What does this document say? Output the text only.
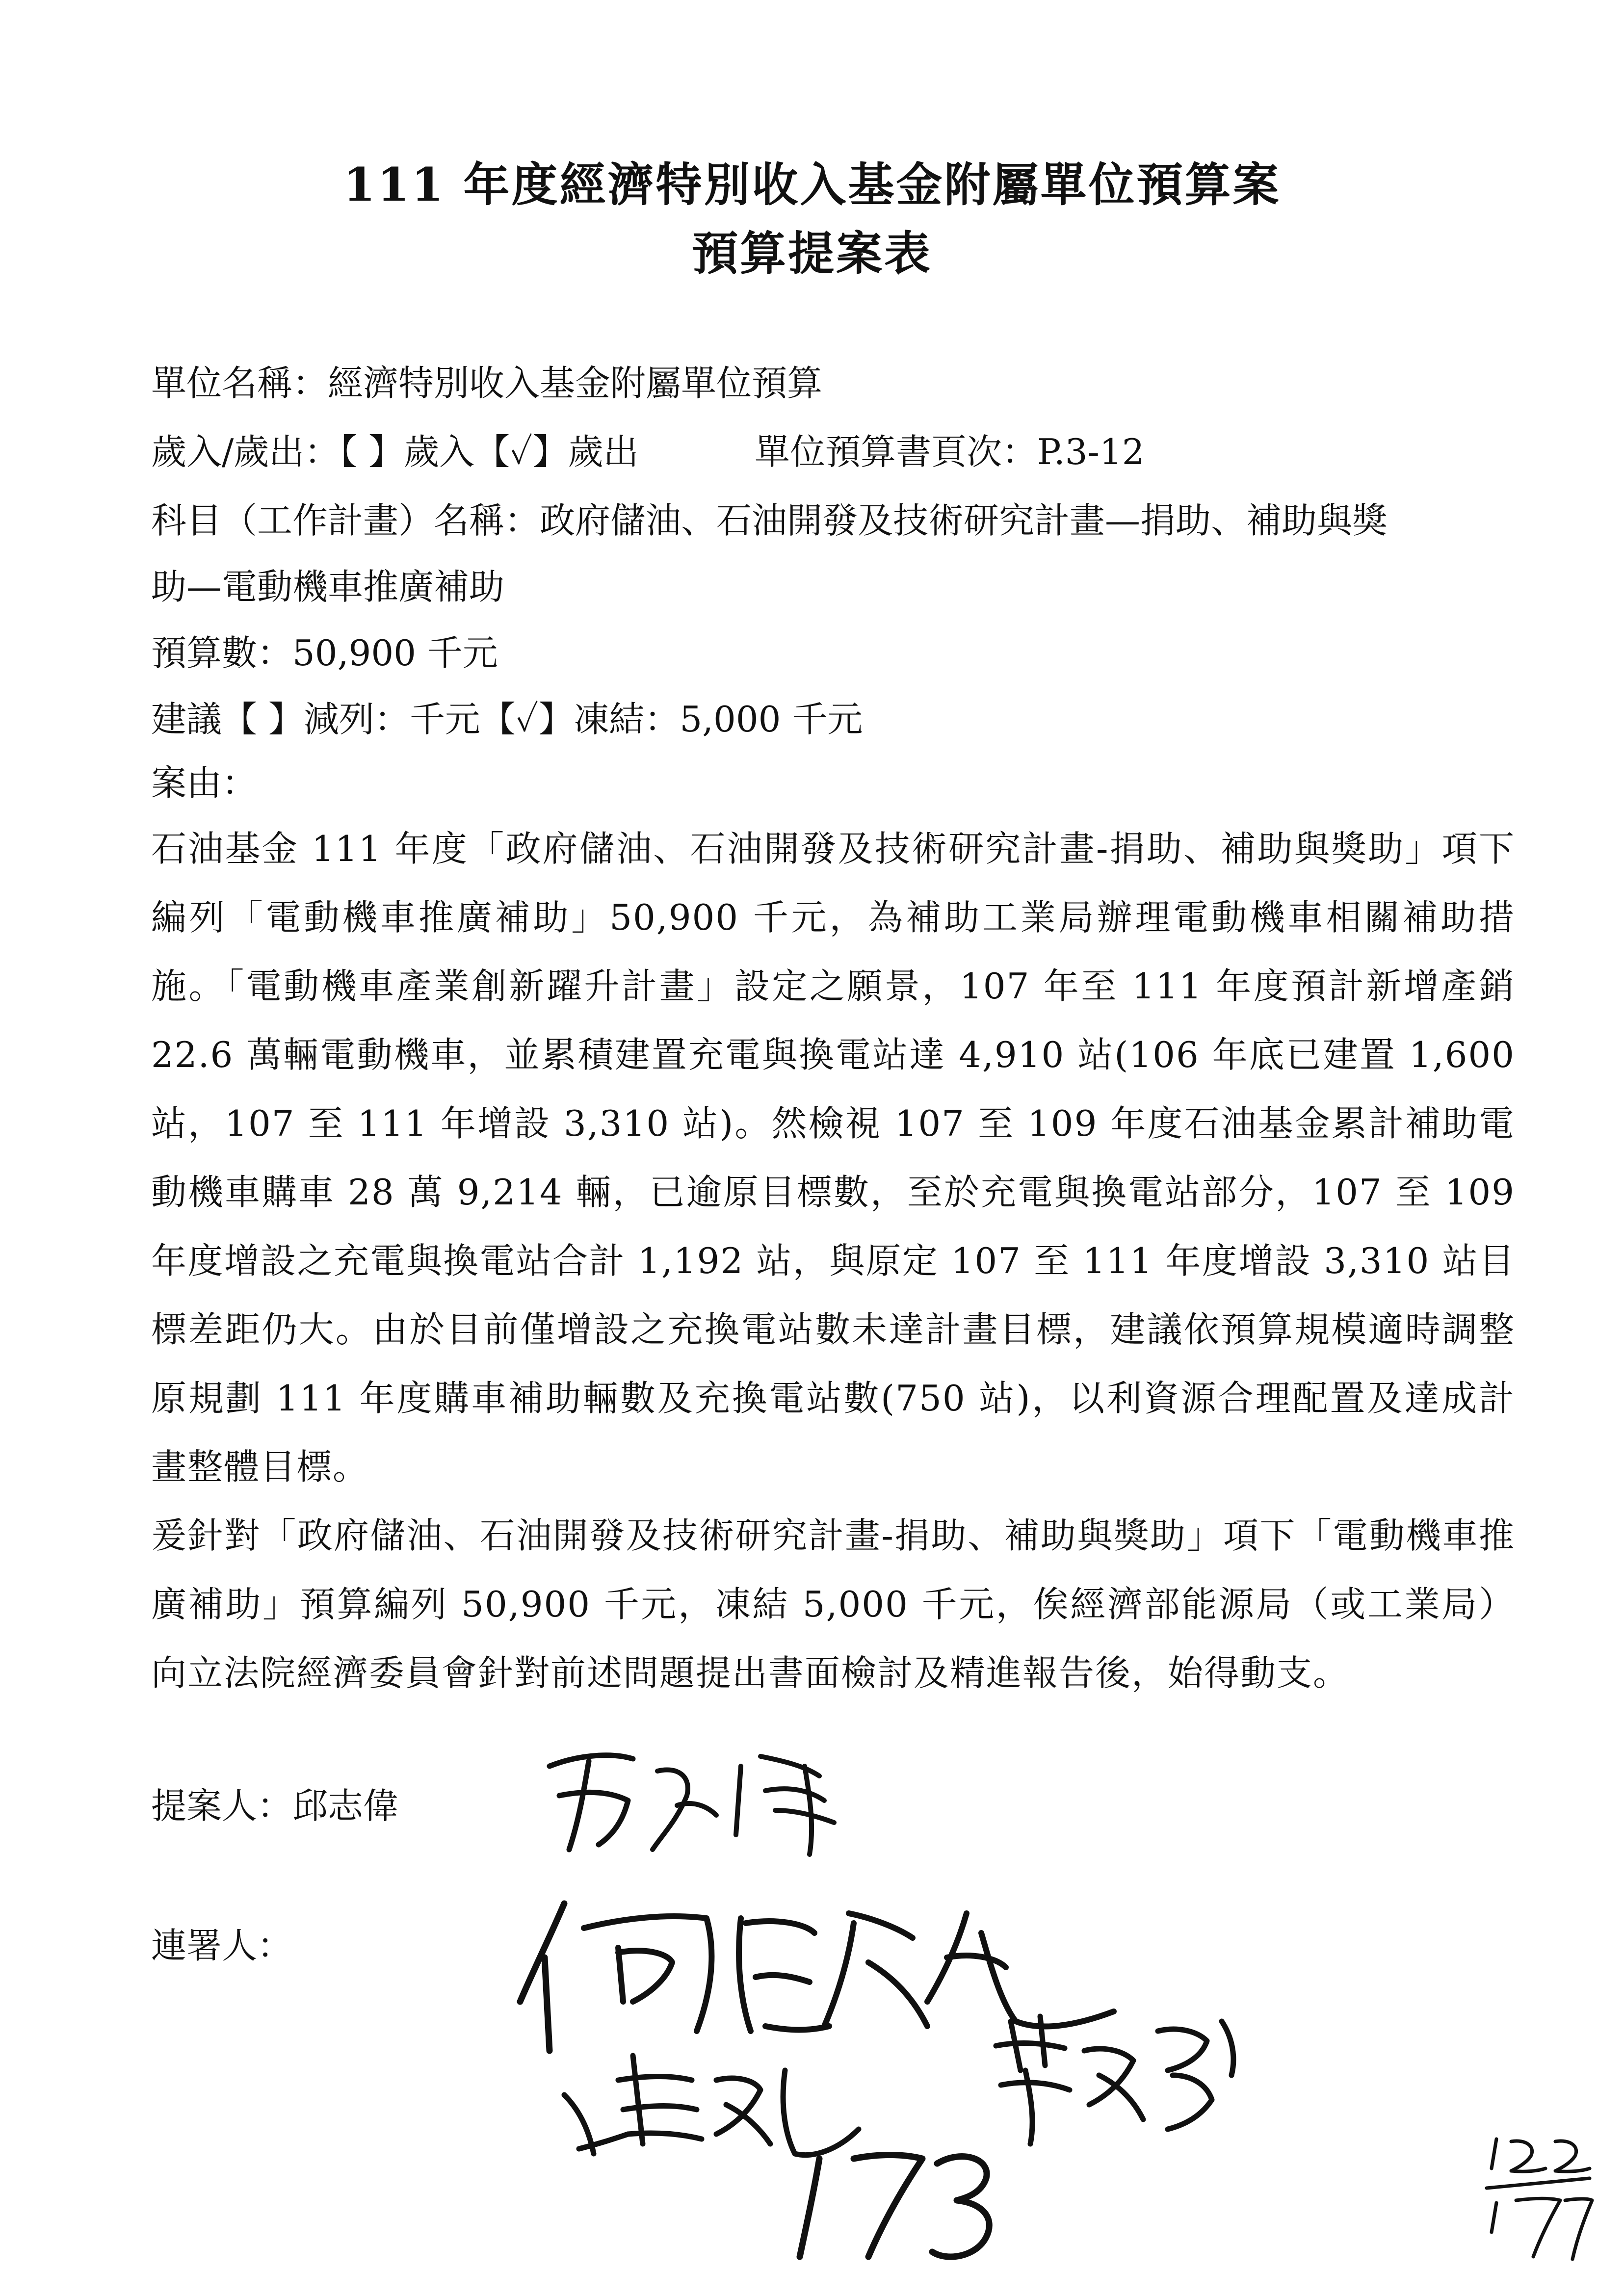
111 年度經濟特別收入基金附屬單位預算案
預算提案表
單位名稱：經濟特別收入基金附屬單位預算
歲入/歲出：【 】歲入【✓】歲出	單位預算書頁次：P.3-12
科目（工作計畫）名稱：政府儲油、石油開發及技術研究計畫—捐助、補助與獎
助—電動機車推廣補助
預算數：50,900 千元
建議【 】減列：千元【✓】凍結：5,000 千元
案由：
石油基金 111 年度「政府儲油、石油開發及技術研究計畫-捐助、補助與獎助」項下編列「電動機車推廣補助」50,900 千元，為補助工業局辦理電動機車相關補助措施。「電動機車產業創新躍升計畫」設定之願景，107 年至 111 年度預計新增產銷 22.6 萬輛電動機車，並累積建置充電與換電站達 4,910 站(106 年底已建置 1,600 站，107 至 111 年增設 3,310 站)。然檢視 107 至 109 年度石油基金累計補助電動機車購車 28 萬 9,214 輛，已逾原目標數，至於充電與換電站部分，107 至 109 年度增設之充電與換電站合計 1,192 站，與原定 107 至 111 年度增設 3,310 站目標差距仍大。由於目前僅增設之充換電站數未達計畫目標，建議依預算規模適時調整原規劃 111 年度購車補助輛數及充換電站數(750 站)，以利資源合理配置及達成計畫整體目標。
爰針對「政府儲油、石油開發及技術研究計畫-捐助、補助與獎助」項下「電動機車推廣補助」預算編列 50,900 千元，凍結 5,000 千元，俟經濟部能源局（或工業局）向立法院經濟委員會針對前述問題提出書面檢討及精進報告後，始得動支。
提案人：邱志偉
連署人：
